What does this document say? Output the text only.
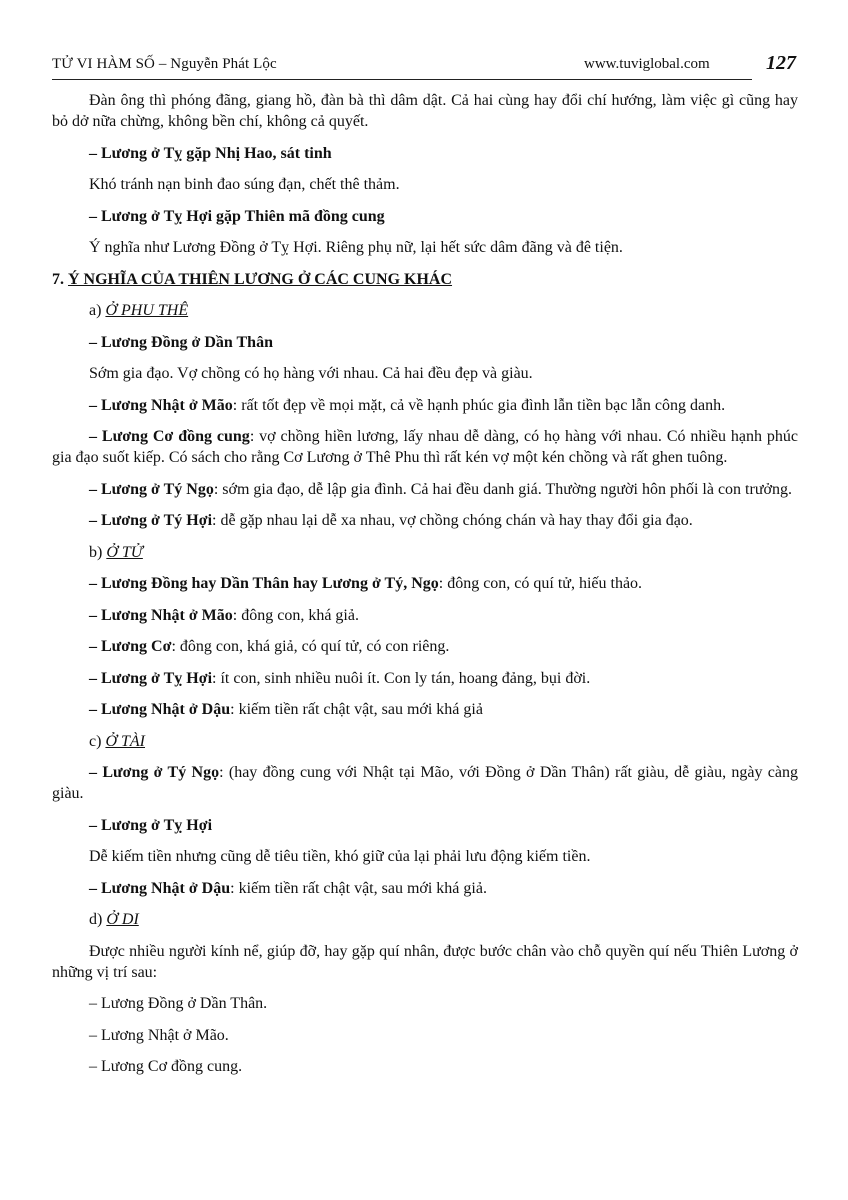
TỬ VI HÀM SỐ – Nguyễn Phát Lộc	www.tuviglobal.com	127

Đàn ông thì phóng đãng, giang hồ, đàn bà thì dâm dật. Cả hai cùng hay đổi chí hướng, làm việc gì cũng hay bỏ dở nữa chừng, không bền chí, không cả quyết.

– Lương ở Tỵ gặp Nhị Hao, sát tinh

Khó tránh nạn binh đao súng đạn, chết thê thảm.

– Lương ở Tỵ Hợi gặp Thiên mã đồng cung

Ý nghĩa như Lương Đồng ở Tỵ Hợi. Riêng phụ nữ, lại hết sức dâm đãng và đê tiện.

7. Ý NGHĨA CỦA THIÊN LƯƠNG Ở CÁC CUNG KHÁC

a) Ở PHU THÊ

– Lương Đồng ở Dần Thân

Sớm gia đạo. Vợ chồng có họ hàng với nhau. Cả hai đều đẹp và giàu.

– Lương Nhật ở Mão: rất tốt đẹp về mọi mặt, cả về hạnh phúc gia đình lẫn tiền bạc lẫn công danh.

– Lương Cơ đồng cung: vợ chồng hiền lương, lấy nhau dễ dàng, có họ hàng với nhau. Có nhiều hạnh phúc gia đạo suốt kiếp. Có sách cho rằng Cơ Lương ở Thê Phu thì rất kén vợ một kén chồng và rất ghen tuông.

– Lương ở Tý Ngọ: sớm gia đạo, dễ lập gia đình. Cả hai đều danh giá. Thường người hôn phối là con trưởng.

– Lương ở Tý Hợi: dễ gặp nhau lại dễ xa nhau, vợ chồng chóng chán và hay thay đổi gia đạo.

b) Ở TỬ

– Lương Đồng hay Dần Thân hay Lương ở Tý, Ngọ: đông con, có quí tử, hiếu thảo.

– Lương Nhật ở Mão: đông con, khá giả.

– Lương Cơ: đông con, khá giả, có quí tử, có con riêng.

– Lương ở Tỵ Hợi: ít con, sinh nhiều nuôi ít. Con ly tán, hoang đảng, bụi đời.

– Lương Nhật ở Dậu: kiếm tiền rất chật vật, sau mới khá giả

c) Ở TÀI

– Lương ở Tý Ngọ: (hay đồng cung với Nhật tại Mão, với Đồng ở Dần Thân) rất giàu, dễ giàu, ngày càng giàu.

– Lương ở Tỵ Hợi

Dễ kiếm tiền nhưng cũng dễ tiêu tiền, khó giữ của lại phải lưu động kiếm tiền.

– Lương Nhật ở Dậu: kiếm tiền rất chật vật, sau mới khá giả.

d) Ở DI

Được nhiều người kính nể, giúp đỡ, hay gặp quí nhân, được bước chân vào chỗ quyền quí nếu Thiên Lương ở những vị trí sau:

– Lương Đồng ở Dần Thân.

– Lương Nhật ở Mão.

– Lương Cơ đồng cung.
